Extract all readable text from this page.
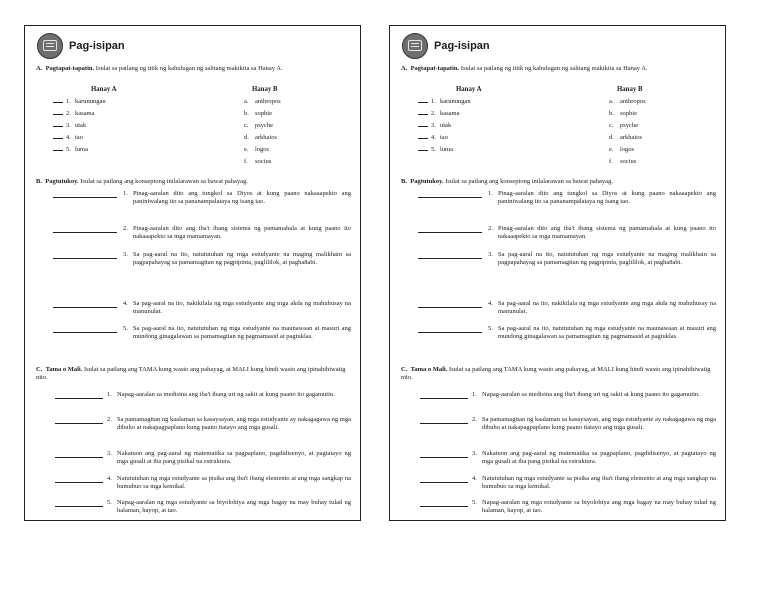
Pag-isipan
A. Pagtapat-tapatin. Isulat sa patlang ng titik ng kahulugan ng salitang makikita sa Hanay A.
Hanay A	Hanay B
1. karunungan
2. kasama
3. utak
4. tao
5. luma
a. anthropos
b. sophie
c. psyche
d. arkhaios
e. logos
f. socius
B. Pagtutukoy. Isulat sa patlang ang konseptong inilalarawan sa bawat pahayag.
1. Pinag-aaralan dito ang tungkol sa Diyos at kung paano nakaaapekto ang paniniwalang ito sa pananampalataya ng isang tao.
2. Pinag-aaralan dito ang iba't ibang sistema ng pamamahala at kung paano ito nakaaapekto sa mga mamamayan.
3. Sa pag-aaral na ito, natututuhan ng mga estudyante na maging malikhain sa pagpapahayag sa pamamagitan ng pagpipinta, paglililok, at pagha8abi.
4. Sa pag-aaral na ito, nakikilala ng mga estudyante ang mga akda ng mahuhusay na manunulat.
5. Sa pag-aaral na ito, natututuhan ng mga estudyante na maunawaan at masuri ang mundong ginagalawan sa pamamagitan ng pagmamasid at pagtuklas.
C. Tama o Mali. Isulat sa patlang ang TAMA kung wasto ang pahayag, at MALI kung hindi wasto ang ipinahihiwatig nito.
1. Napag-aaralan sa medisina ang iba't ibang uri ng sakit at kung paano ito gagamutin.
2. Sa pamamagitan ng kaalaman sa kasaysayan, ang mga estudyante ay nakagagawa ng mga dibuho at nakapagpaplano kung paano itatayo ang mga gusali.
3. Nakatuon ang pag-aaral ng matematika sa pagpaplano, pagdidisenyo, at pagtatayo ng mga gusali at iba pang pisikal na estruktura.
4. Natututuhan ng mga estudyante sa pisika ang iba't ibang elemento at ang mga sangkap na bumubuo sa mga kemikal.
5. Napag-aaralan ng mga estudyante sa biyolohiya ang mga bagay na may buhay tulad ng halaman, hayop, at tao.
Pag-isipan
A. Pagtapat-tapatin. Isulat sa patlang ng titik ng kahulugan ng salitang makikita sa Hanay A.
Hanay A	Hanay B
1. karunungan
2. kasama
3. utak
4. tao
5. luma
a. anthropos
b. sophie
c. psyche
d. arkhaios
e. logos
f. socius
B. Pagtutukoy. Isulat sa patlang ang konseptong inilalarawan sa bawat pahayag.
1. Pinag-aaralan dito ang tungkol sa Diyos at kung paano nakaaapekto ang paniniwalang ito sa pananampalataya ng isang tao.
2. Pinag-aaralan dito ang iba't ibang sistema ng pamamahala at kung paano ito nakaaapekto sa mga mamamayan.
3. Sa pag-aaral na ito, natututuhan ng mga estudyante na maging malikhain sa pagpapahayag sa pamamagitan ng pagpipinta, paglililok, at pagha8abi.
4. Sa pag-aaral na ito, nakikilala ng mga estudyante ang mga akda ng mahuhusay na manunulat.
5. Sa pag-aaral na ito, natututuhan ng mga estudyante na maunawaan at masuri ang mundong ginagalawan sa pamamagitan ng pagmamasid at pagtuklas.
C. Tama o Mali. Isulat sa patlang ang TAMA kung wasto ang pahayag, at MALI kung hindi wasto ang ipinahihiwatig nito.
1. Napag-aaralan sa medisina ang iba't ibang uri ng sakit at kung paano ito gagamutin.
2. Sa pamamagitan ng kaalaman sa kasaysayan, ang mga estudyante ay nakagagawa ng mga dibuho at nakapagpaplano kung paano itatayo ang mga gusali.
3. Nakatuon ang pag-aaral ng matematika sa pagpaplano, pagdidisenyo, at pagtatayo ng mga gusali at iba pang pisikal na estruktura.
4. Natututuhan ng mga estudyante sa pisika ang iba't ibang elemento at ang mga sangkap na bumubuo sa mga kemikal.
5. Napag-aaralan ng mga estudyante sa biyolohiya ang mga bagay na may buhay tulad ng halaman, hayop, at tao.
